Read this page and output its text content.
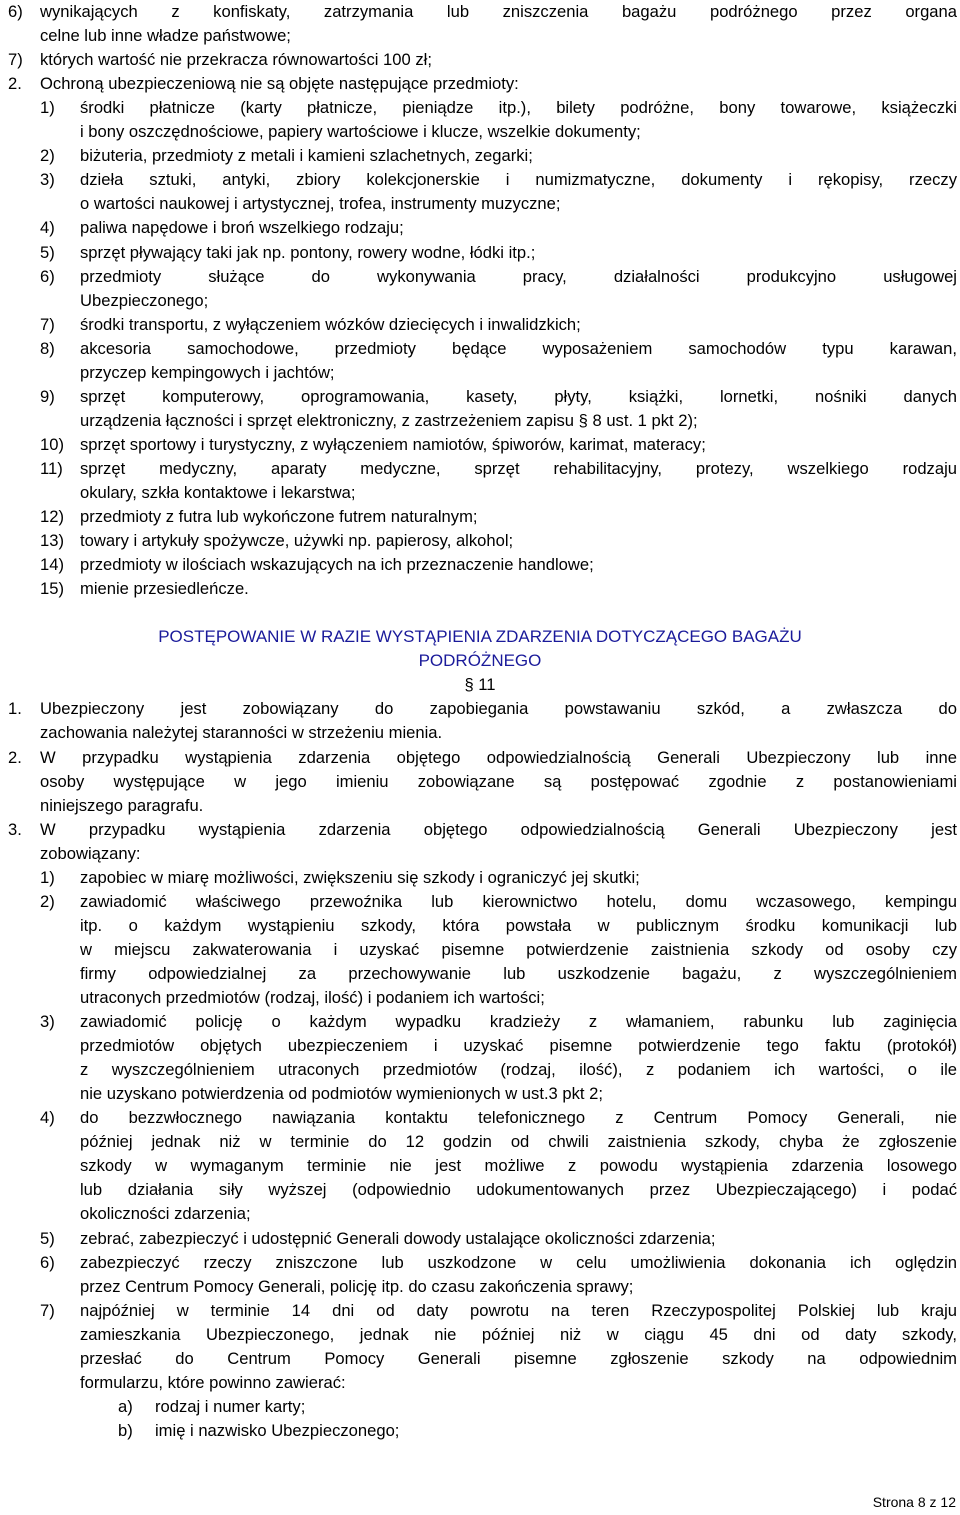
6) wynikających z konfiskaty, zatrzymania lub zniszczenia bagażu podróżnego przez organa
celne lub inne władze państwowe;
7) których wartość nie przekracza równowartości 100 zł;
2. Ochroną ubezpieczeniową nie są objęte następujące przedmioty:
1) środki płatnicze (karty płatnicze, pieniądze itp.), bilety podróżne, bony towarowe, książeczki
i bony oszczędnościowe, papiery wartościowe i klucze, wszelkie dokumenty;
2) biżuteria, przedmioty z metali i kamieni szlachetnych, zegarki;
3) dzieła sztuki, antyki, zbiory kolekcjonerskie i numizmatyczne, dokumenty i rękopisy, rzeczy
o wartości naukowej i artystycznej, trofea, instrumenty muzyczne;
4) paliwa napędowe i broń wszelkiego rodzaju;
5) sprzęt pływający taki jak np. pontony, rowery wodne, łódki itp.;
6) przedmioty służące do wykonywania pracy, działalności produkcyjno usługowej
Ubezpieczonego;
7) środki transportu, z wyłączeniem wózków dziecięcych i inwalidzkich;
8) akcesoria samochodowe, przedmioty będące wyposażeniem samochodów typu karawan,
przyczep kempingowych i jachtów;
9) sprzęt komputerowy, oprogramowania, kasety, płyty, książki, lornetki, nośniki danych
urządzenia łączności i sprzęt elektroniczny, z zastrzeżeniem zapisu § 8 ust. 1 pkt 2);
10) sprzęt sportowy i turystyczny, z wyłączeniem namiotów, śpiworów, karimat, materacy;
11) sprzęt medyczny, aparaty medyczne, sprzęt rehabilitacyjny, protezy, wszelkiego rodzaju
okulary, szkła kontaktowe i lekarstwa;
12) przedmioty z futra lub wykończone futrem naturalnym;
13) towary i artykuły spożywcze, używki np. papierosy, alkohol;
14) przedmioty w ilościach wskazujących na ich przeznaczenie handlowe;
15) mienie przesiedleńcze.
POSTĘPOWANIE W RAZIE WYSTĄPIENIA ZDARZENIA DOTYCZĄCEGO BAGAŻU
PODRÓŻNEGO
§ 11
1. Ubezpieczony jest zobowiązany do zapobiegania powstawaniu szkód, a zwłaszcza do
zachowania należytej staranności w strzeżeniu mienia.
2. W przypadku wystąpienia zdarzenia objętego odpowiedzialnością Generali Ubezpieczony lub inne
osoby występujące w jego imieniu zobowiązane są postępować zgodnie z postanowieniami
niniejszego paragrafu.
3. W przypadku wystąpienia zdarzenia objętego odpowiedzialnością Generali Ubezpieczony jest
zobowiązany:
1) zapobiec w miarę możliwości, zwiększeniu się szkody i ograniczyć jej skutki;
2) zawiadomić właściwego przewoźnika lub kierownictwo hotelu, domu wczasowego, kempingu
itp. o każdym wystąpieniu szkody, która powstała w publicznym środku komunikacji lub
w miejscu zakwaterowania i uzyskać pisemne potwierdzenie zaistnienia szkody od osoby czy
firmy odpowiedzialnej za przechowywanie lub uszkodzenie bagażu, z wyszczególnieniem
utraconych przedmiotów (rodzaj, ilość) i podaniem ich wartości;
3) zawiadomić policję o każdym wypadku kradzieży z włamaniem, rabunku lub zaginięcia
przedmiotów objętych ubezpieczeniem i uzyskać pisemne potwierdzenie tego faktu (protokół)
z wyszczególnieniem utraconych przedmiotów (rodzaj, ilość), z podaniem ich wartości, o ile
nie uzyskano potwierdzenia od podmiotów wymienionych w ust.3 pkt 2;
4) do bezzwłocznego nawiązania kontaktu telefonicznego z Centrum Pomocy Generali, nie
później jednak niż w terminie do 12 godzin od chwili zaistnienia szkody, chyba że zgłoszenie
szkody w wymaganym terminie nie jest możliwe z powodu wystąpienia zdarzenia losowego
lub działania siły wyższej (odpowiednio udokumentowanych przez Ubezpieczającego) i podać
okoliczności zdarzenia;
5) zebrać, zabezpieczyć i udostępnić Generali dowody ustalające okoliczności zdarzenia;
6) zabezpieczyć rzeczy zniszczone lub uszkodzone w celu umożliwienia dokonania ich oględzin
przez Centrum Pomocy Generali, policję itp. do czasu zakończenia sprawy;
7) najpóźniej w terminie 14 dni od daty powrotu na teren Rzeczypospolitej Polskiej lub kraju
zamieszkania Ubezpieczonego, jednak nie później niż w ciągu 45 dni od daty szkody,
przesłać do Centrum Pomocy Generali pisemne zgłoszenie szkody na odpowiednim
formularzu, które powinno zawierać:
a) rodzaj i numer karty;
b) imię i nazwisko Ubezpieczonego;
Strona 8 z 12
